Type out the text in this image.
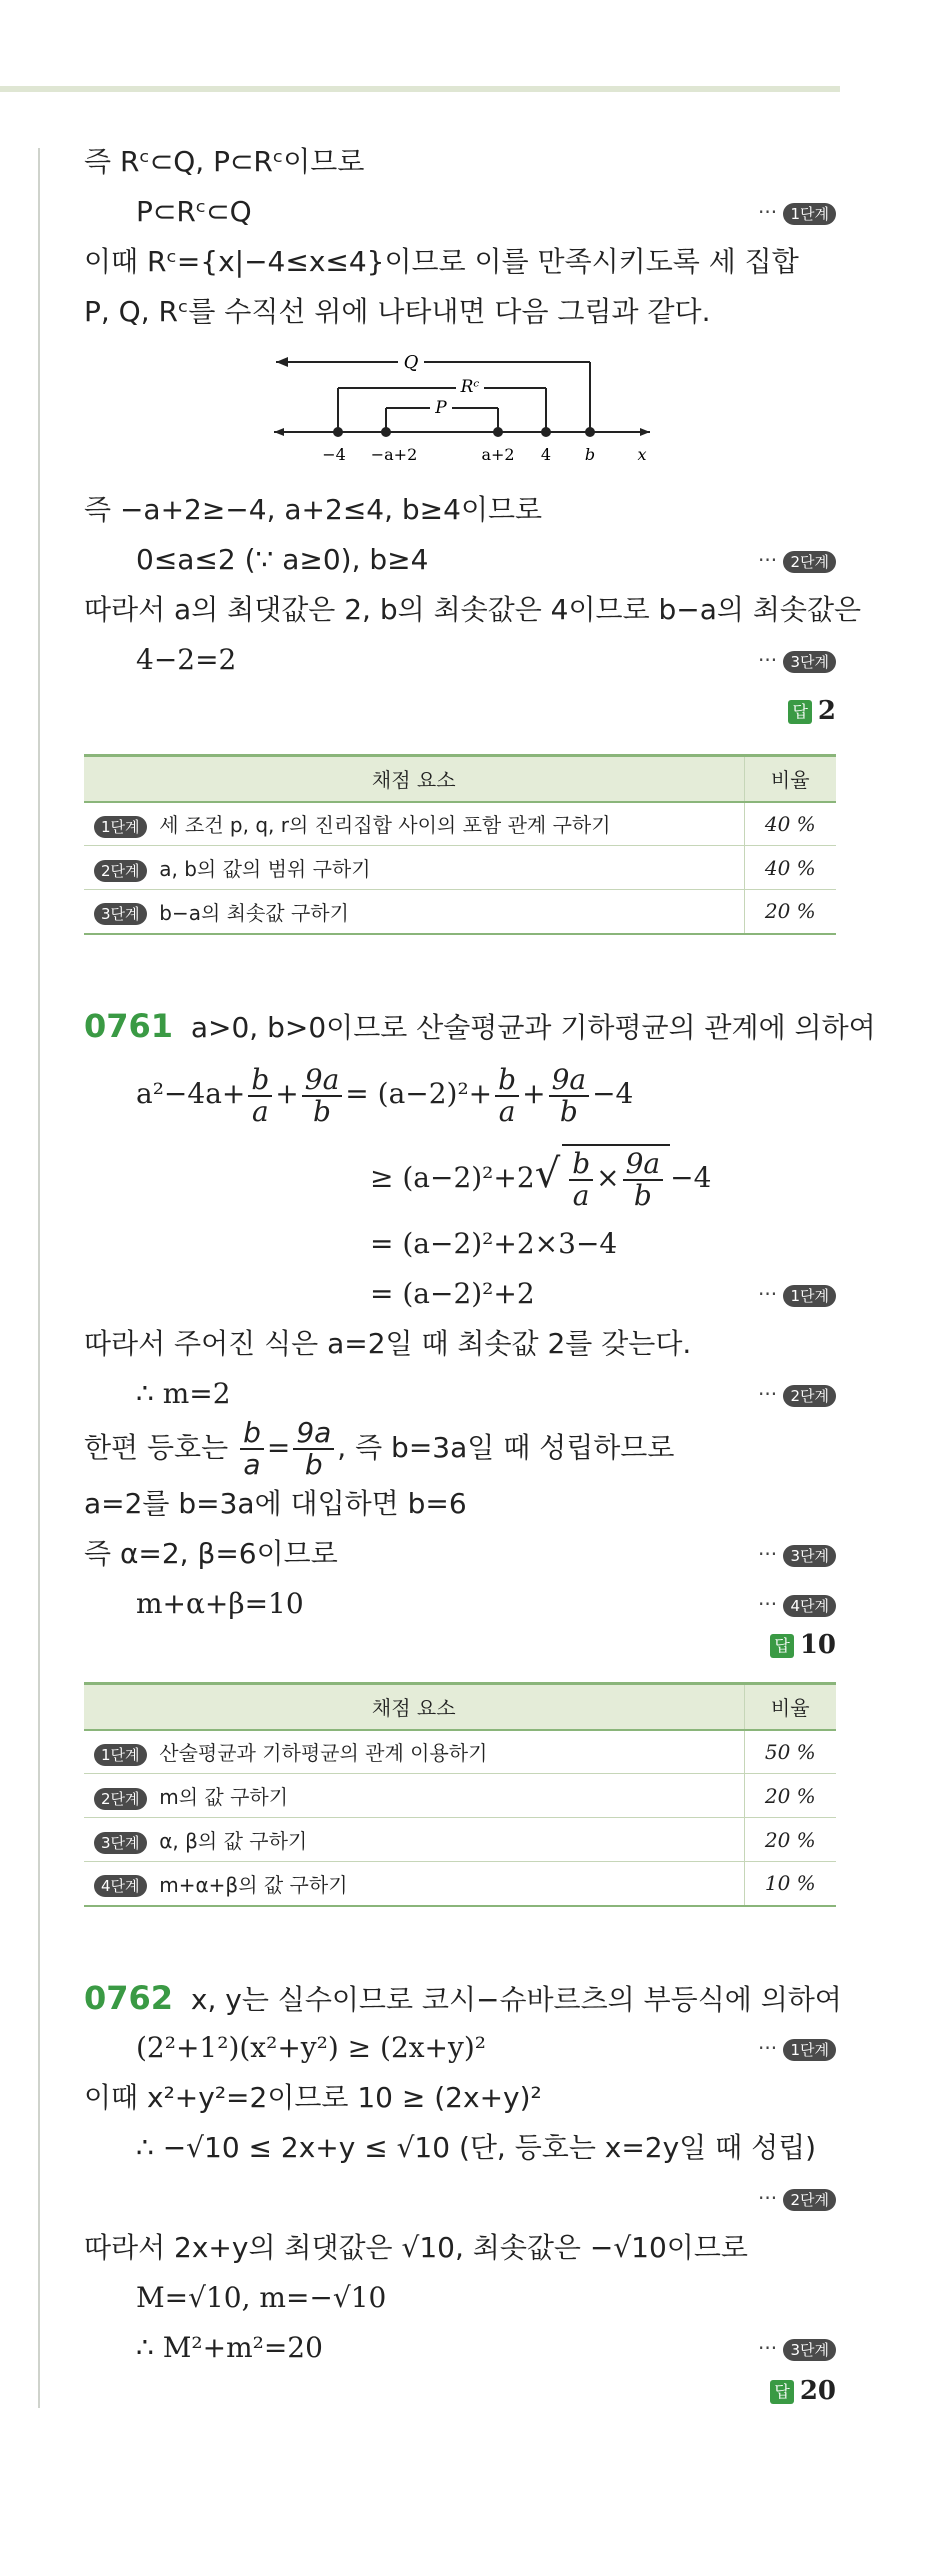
즉 Rᶜ⊂Q, P⊂Rᶜ이므로
P⊂Rᶜ⊂Q	··· 1단계
이때 Rᶜ={x|−4≤x≤4}이므로 이를 만족시키도록 세 집합
P, Q, Rᶜ를 수직선 위에 나타내면 다음 그림과 같다.
Q
Rᶜ
P
−4 −a+2	a+2 4 b	x
즉 −a+2≥−4, a+2≤4, b≥4이므로
0≤a≤2 (∵ a≥0), b≥4	··· 2단계
따라서 a의 최댓값은 2, b의 최솟값은 4이므로 b−a의 최솟값은
4−2=2	··· 3단계
답 2
채점 요소	비율
1단계 세 조건 p, q, r의 진리집합 사이의 포함 관계 구하기	40 %
2단계 a, b의 값의 범위 구하기	40 %
3단계 b−a의 최솟값 구하기	20 %
0761 a>0, b>0이므로 산술평균과 기하평균의 관계에 의하여
$a^2-4a+ \frac{b}{a} + \frac{9a}{b} = (a-2)^2+ \frac{b}{a} + \frac{9a}{b} -4$
≥ $(a-2)^2+2√ \frac{b}{a} \times \frac{9a}{b} -4$
= (a−2)²+2×3−4
= (a−2)²+2	··· 1단계
따라서 주어진 식은 a=2일 때 최솟값 2를 갖는다.
∴ m=2	··· 2단계
한편 등호는 $\frac{b}{a} = \frac{9a}{b}$ , 즉 b=3a일 때 성립하므로
a=2를 b=3a에 대입하면 b=6
즉 α=2, β=6이므로	··· 3단계
m+α+β=10	··· 4단계
답 10
채점 요소	비율
1단계 산술평균과 기하평균의 관계 이용하기	50 %
2단계 m의 값 구하기	20 %
3단계 α, β의 값 구하기	20 %
4단계 m+α+β의 값 구하기	10 %
0762 x, y는 실수이므로 코시−슈바르츠의 부등식에 의하여
(2²+1²)(x²+y²) ≥ (2x+y)²	··· 1단계
이때 x²+y²=2이므로 10 ≥ (2x+y)²
∴ −√10 ≤ 2x+y ≤ √10 (단, 등호는 x=2y일 때 성립)
··· 2단계
따라서 2x+y의 최댓값은 √10, 최솟값은 −√10이므로
M=√10, m=−√10
∴ M²+m²=20	··· 3단계
답 20
